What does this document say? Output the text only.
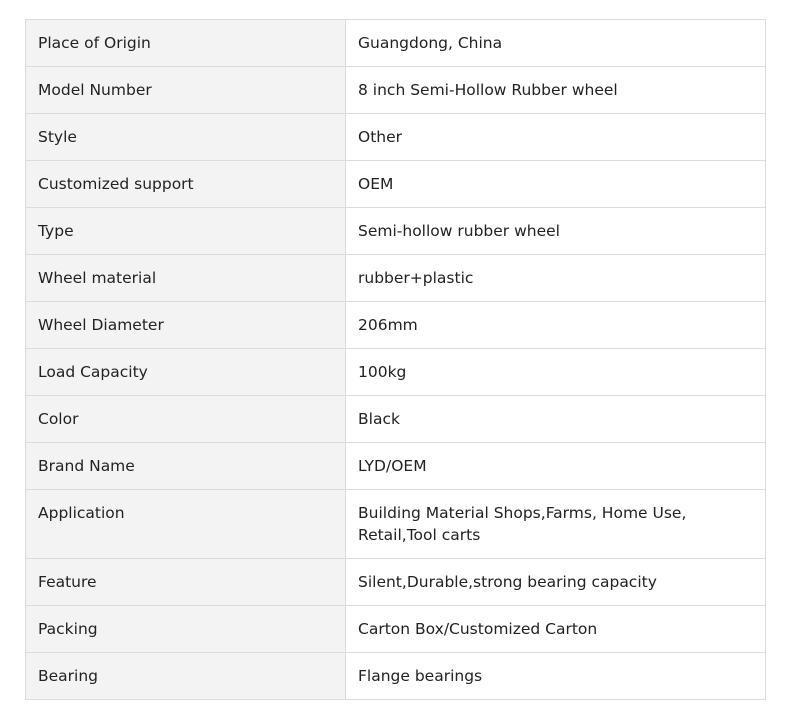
Place of Origin	Guangdong, China
Model Number	8 inch Semi-Hollow Rubber wheel
Style	Other
Customized support	OEM
Type	Semi-hollow rubber wheel
Wheel material	rubber+plastic
Wheel Diameter	206mm
Load Capacity	100kg
Color	Black
Brand Name	LYD/OEM
Application	Building Material Shops,Farms, Home Use, Retail,Tool carts
Feature	Silent,Durable,strong bearing capacity
Packing	Carton Box/Customized Carton
Bearing	Flange bearings
